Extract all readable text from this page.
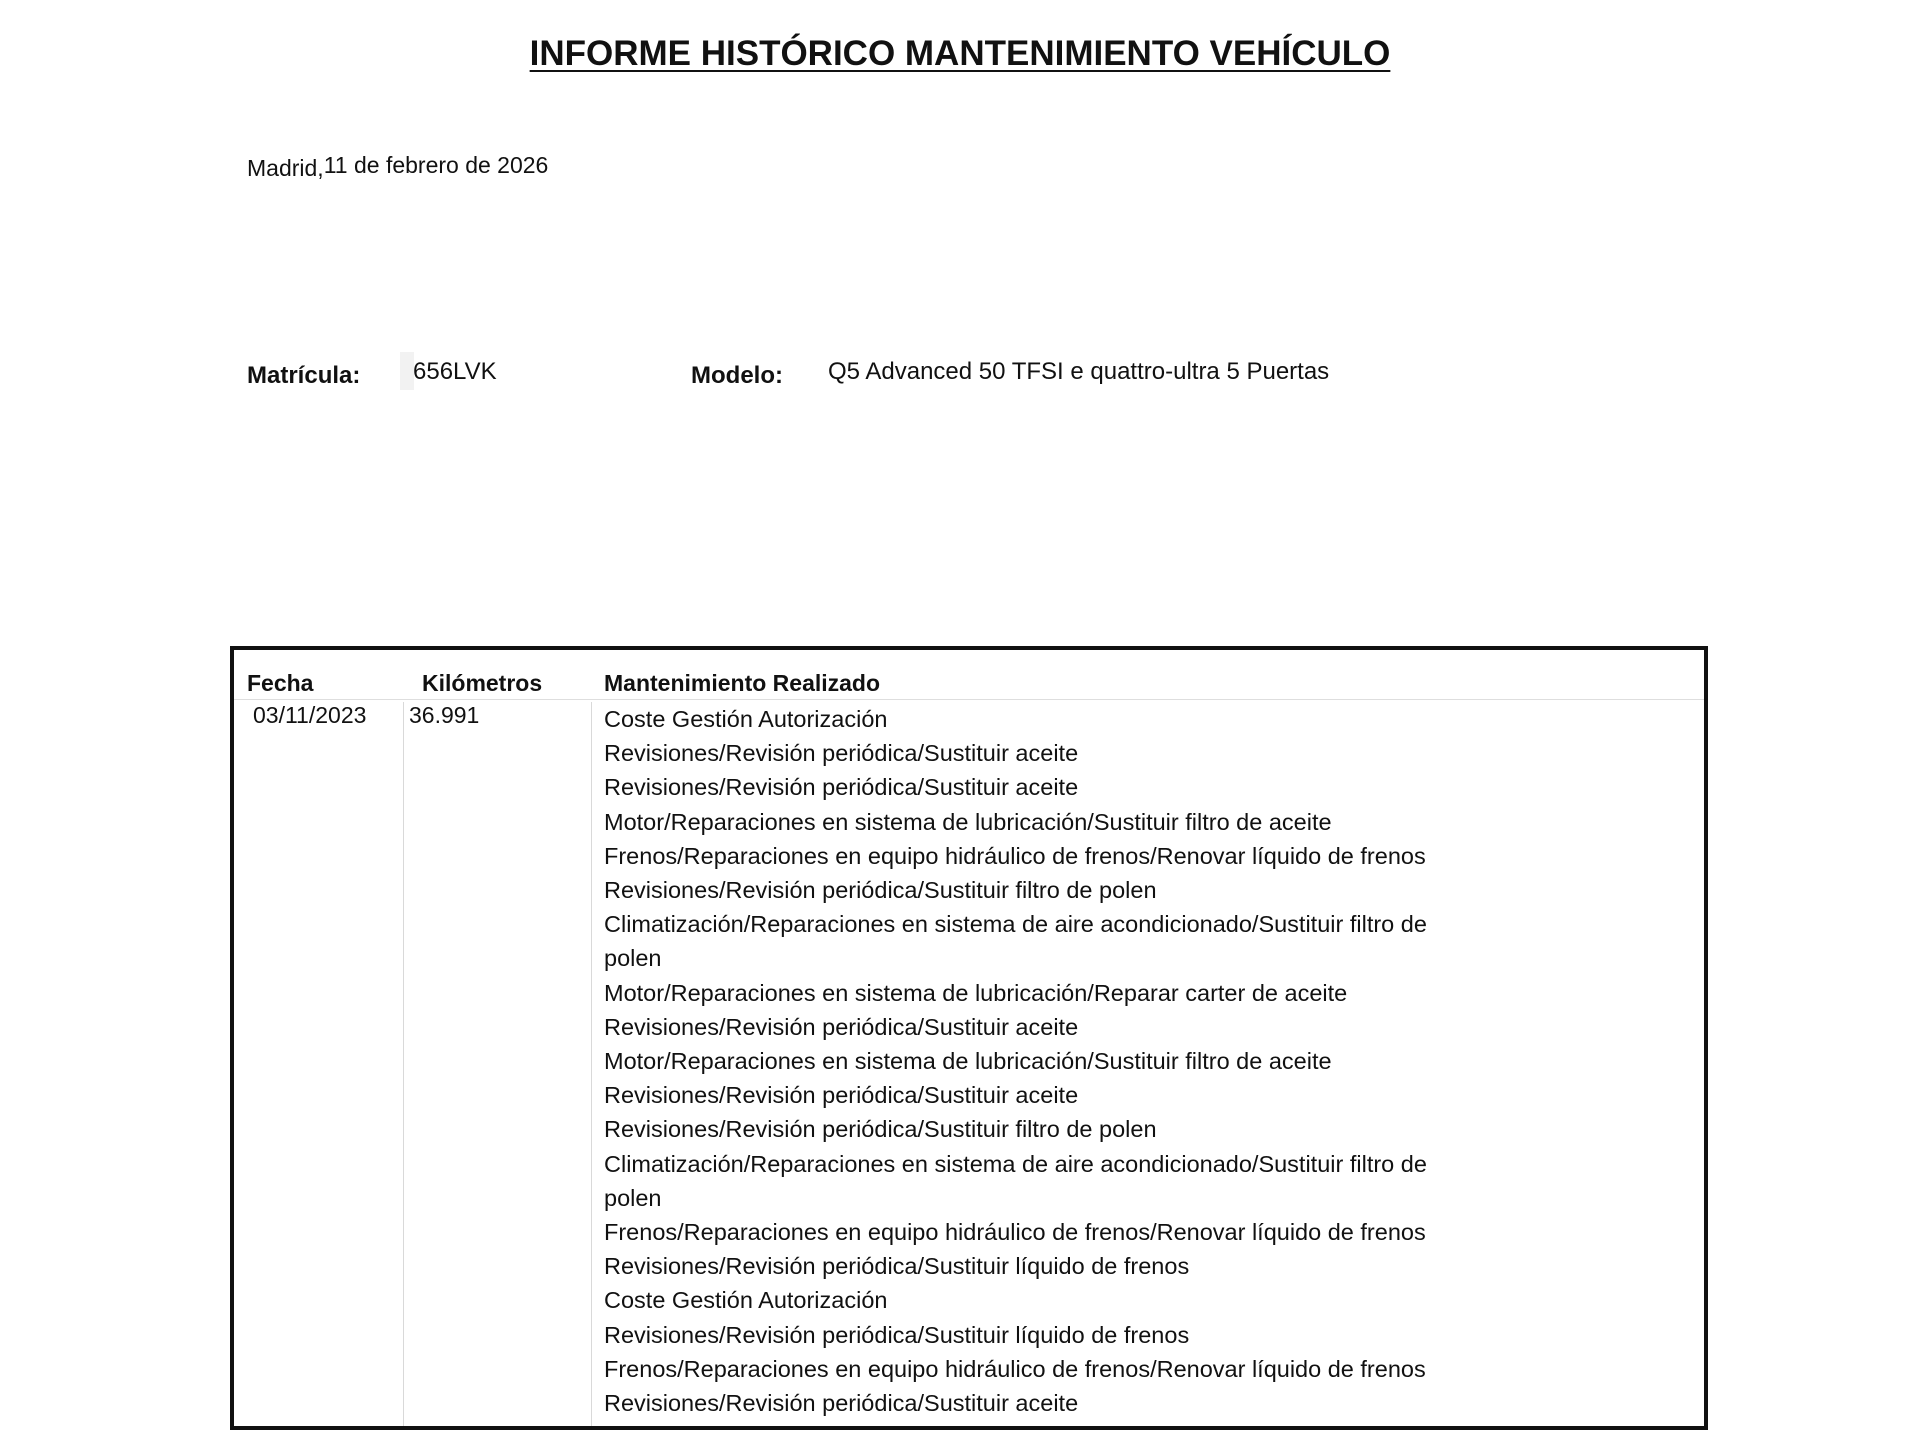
INFORME HISTÓRICO MANTENIMIENTO VEHÍCULO
Madrid,11 de febrero de 2026
Matrícula: 656LVK	Modelo: Q5 Advanced 50 TFSI e quattro-ultra 5 Puertas
Fecha	Kilómetros	Mantenimiento Realizado
03/11/2023 36.991	Coste Gestión Autorización
Revisiones/Revisión periódica/Sustituir aceite
Revisiones/Revisión periódica/Sustituir aceite
Motor/Reparaciones en sistema de lubricación/Sustituir filtro de aceite
Frenos/Reparaciones en equipo hidráulico de frenos/Renovar líquido de frenos
Revisiones/Revisión periódica/Sustituir filtro de polen
Climatización/Reparaciones en sistema de aire acondicionado/Sustituir filtro de
polen
Motor/Reparaciones en sistema de lubricación/Reparar carter de aceite
Revisiones/Revisión periódica/Sustituir aceite
Motor/Reparaciones en sistema de lubricación/Sustituir filtro de aceite
Revisiones/Revisión periódica/Sustituir aceite
Revisiones/Revisión periódica/Sustituir filtro de polen
Climatización/Reparaciones en sistema de aire acondicionado/Sustituir filtro de
polen
Frenos/Reparaciones en equipo hidráulico de frenos/Renovar líquido de frenos
Revisiones/Revisión periódica/Sustituir líquido de frenos
Coste Gestión Autorización
Revisiones/Revisión periódica/Sustituir líquido de frenos
Frenos/Reparaciones en equipo hidráulico de frenos/Renovar líquido de frenos
Revisiones/Revisión periódica/Sustituir aceite
